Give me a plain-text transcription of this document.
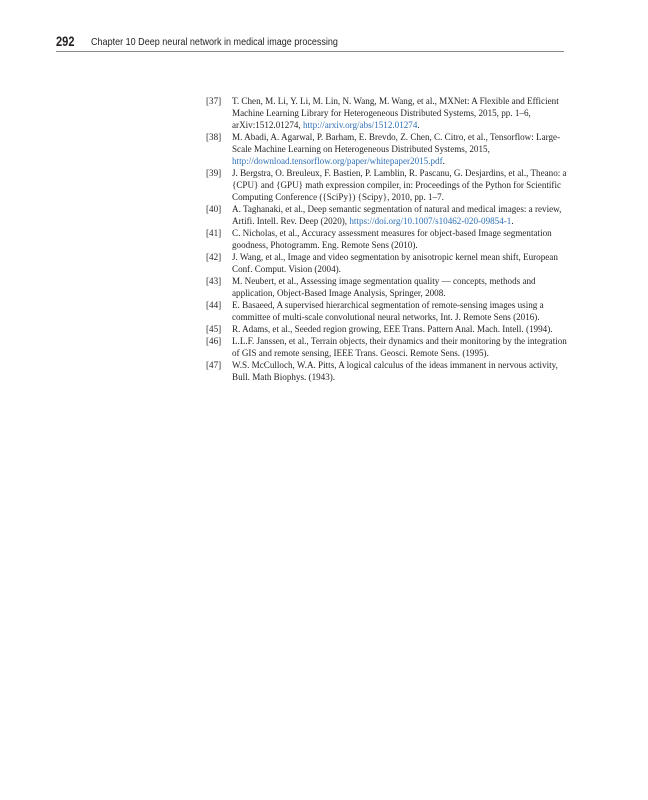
292 Chapter 10 Deep neural network in medical image processing
[37] T. Chen, M. Li, Y. Li, M. Lin, N. Wang, M. Wang, et al., MXNet: A Flexible and Efficient Machine Learning Library for Heterogeneous Distributed Systems, 2015, pp. 1–6, arXiv:1512.01274, http://arxiv.org/abs/1512.01274.
[38] M. Abadi, A. Agarwal, P. Barham, E. Brevdo, Z. Chen, C. Citro, et al., Tensorflow: Large-Scale Machine Learning on Heterogeneous Distributed Systems, 2015, http://download.tensorflow.org/paper/whitepaper2015.pdf.
[39] J. Bergstra, O. Breuleux, F. Bastien, P. Lamblin, R. Pascanu, G. Desjardins, et al., Theano: a {CPU} and {GPU} math expression compiler, in: Proceedings of the Python for Scientific Computing Conference ({SciPy}) {Scipy}, 2010, pp. 1–7.
[40] A. Taghanaki, et al., Deep semantic segmentation of natural and medical images: a review, Artifi. Intell. Rev. Deep (2020), https://doi.org/10.1007/s10462-020-09854-1.
[41] C. Nicholas, et al., Accuracy assessment measures for object-based Image segmentation goodness, Photogramm. Eng. Remote Sens (2010).
[42] J. Wang, et al., Image and video segmentation by anisotropic kernel mean shift, European Conf. Comput. Vision (2004).
[43] M. Neubert, et al., Assessing image segmentation quality — concepts, methods and application, Object-Based Image Analysis, Springer, 2008.
[44] E. Basaeed, A supervised hierarchical segmentation of remote-sensing images using a committee of multi-scale convolutional neural networks, Int. J. Remote Sens (2016).
[45] R. Adams, et al., Seeded region growing, EEE Trans. Pattern Anal. Mach. Intell. (1994).
[46] L.L.F. Janssen, et al., Terrain objects, their dynamics and their monitoring by the integration of GIS and remote sensing, IEEE Trans. Geosci. Remote Sens. (1995).
[47] W.S. McCulloch, W.A. Pitts, A logical calculus of the ideas immanent in nervous activity, Bull. Math Biophys. (1943).
